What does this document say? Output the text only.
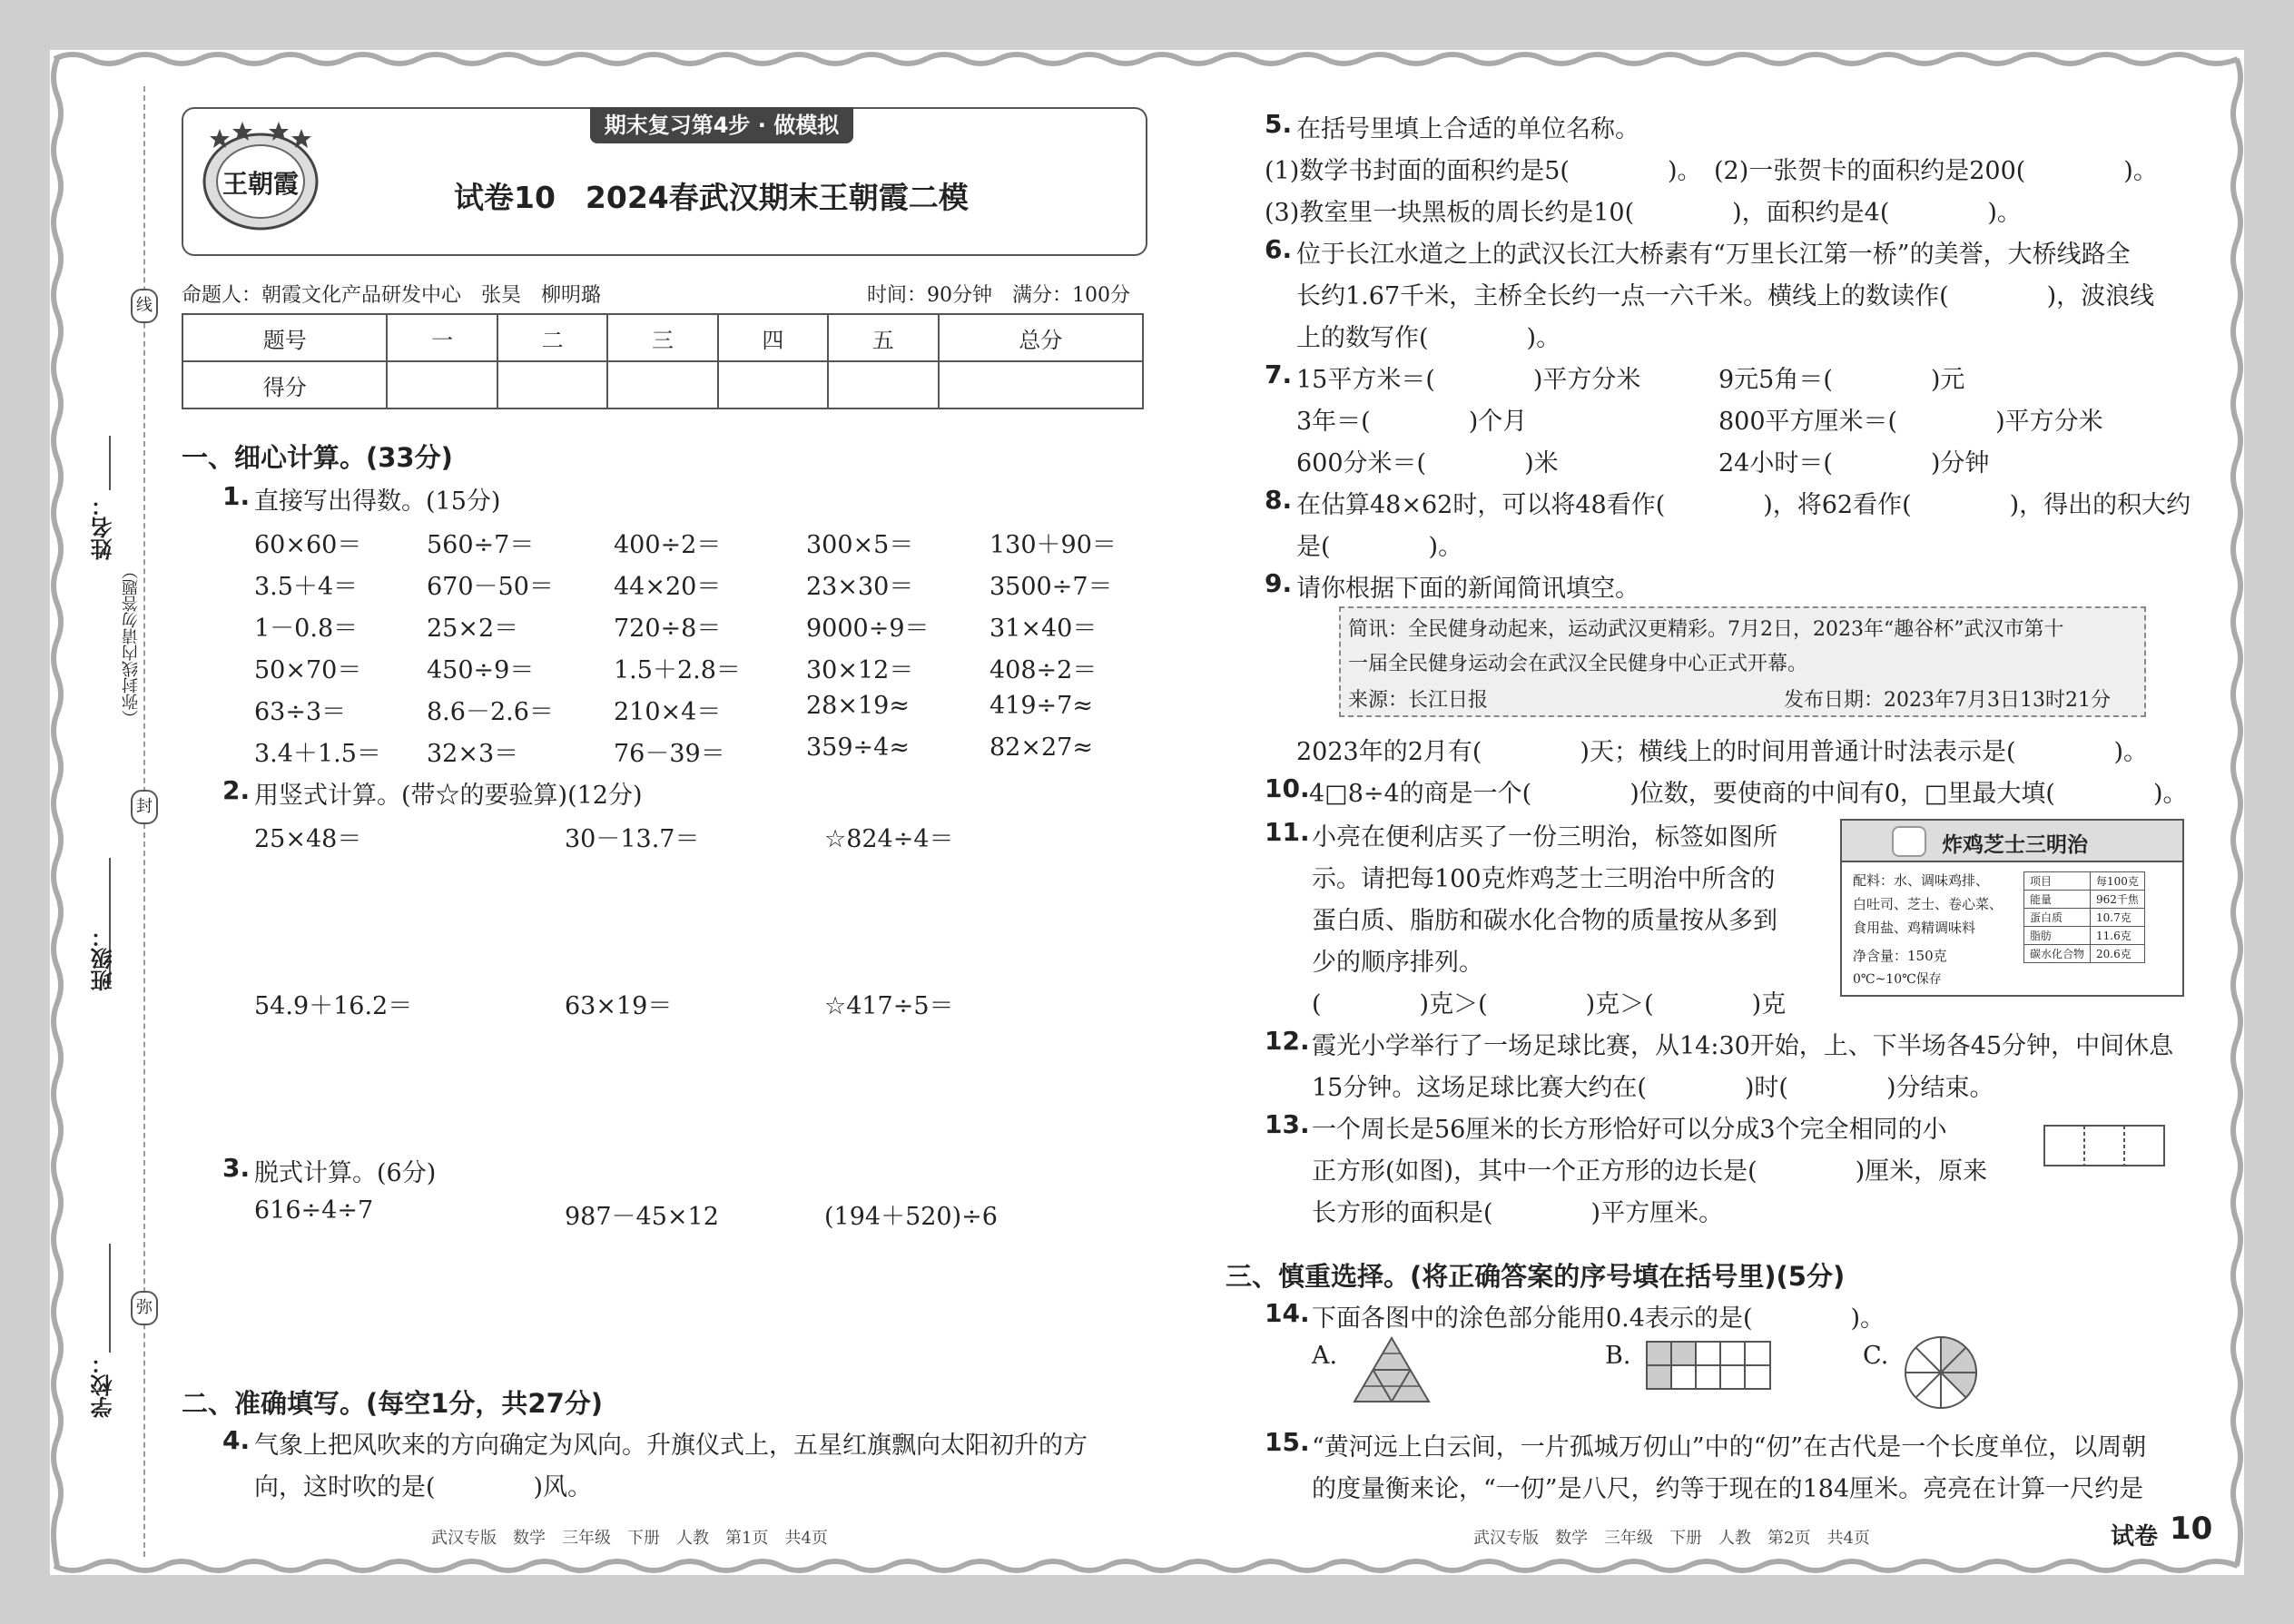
学校：
班级：
姓名：
（弥封线内请勿答题）
线
封
弥
期末复习第4步 · 做模拟
王朝霞	试卷10　2024春武汉期末王朝霞二模
命题人：朝霞文化产品研发中心　张昊　柳明璐	时间：90分钟　满分：100分
题号	一	二	三	四	五	总分
得分						
一、细心计算。(33分)
1. 直接写出得数。(15分)
60×60＝	560÷7＝	400÷2＝	300×5＝	130＋90＝
3.5＋4＝	670－50＝ 44×20＝	23×30＝	3500÷7＝
1－0.8＝	25×2＝	720÷8＝	9000÷9＝ 31×40＝
50×70＝	450÷9＝	1.5＋2.8＝	30×12＝	408÷2＝
63÷3＝	8.6－2.6＝ 210×4＝	28×19≈	419÷7≈
3.4＋1.5＝ 32×3＝	76－39＝	359÷4≈	82×27≈
2. 用竖式计算。(带☆的要验算)(12分)
25×48＝	30－13.7＝	☆824÷4＝
54.9＋16.2＝	63×19＝	☆417÷5＝
3. 脱式计算。(6分)
616÷4÷7	987－45×12	(194＋520)÷6
二、准确填写。(每空1分，共27分)
4. 气象上把风吹来的方向确定为风向。升旗仪式上，五星红旗飘向太阳初升的方
向，这时吹的是(　　　　)风。
武汉专版　数学　三年级　下册　人教　第1页　共4页
5. 在括号里填上合适的单位名称。
(1)数学书封面的面积约是5(　　　　)。　(2)一张贺卡的面积约是200(　　　　)。
(3)教室里一块黑板的周长约是10(　　　　)，面积约是4(　　　　)。
6. 位于长江水道之上的武汉长江大桥素有“万里长江第一桥”的美誉，大桥线路全
长约1.67千米，主桥全长约一点一六千米。横线上的数读作(　　　　)，波浪线
上的数写作(　　　　)。
7. 15平方米＝(　　　　)平方分米	9元5角＝(　　　　)元
3年＝(　　　　)个月	800平方厘米＝(　　　　)平方分米
600分米＝(　　　　)米	24小时＝(　　　　)分钟
8. 在估算48×62时，可以将48看作(　　　　)，将62看作(　　　　)，得出的积大约
是(　　　　)。
9. 请你根据下面的新闻简讯填空。
简讯：全民健身动起来，运动武汉更精彩。7月2日，2023年“趣谷杯”武汉市第十
一届全民健身运动会在武汉全民健身中心正式开幕。
来源：长江日报	发布日期：2023年7月3日13时21分
2023年的2月有(　　　　)天；横线上的时间用普通计时法表示是(　　　　)。
10. 4□8÷4的商是一个(　　　　)位数，要使商的中间有0，□里最大填(　　　　)。
11. 小亮在便利店买了一份三明治，标签如图所
示。请把每100克炸鸡芝士三明治中所含的
蛋白质、脂肪和碳水化合物的质量按从多到
少的顺序排列。
(　　　　)克＞(　　　　)克＞(　　　　)克
炸鸡芝士三明治
配料：水、调味鸡排、
白吐司、芝士、卷心菜、
食用盐、鸡精调味料
净含量：150克
0℃~10℃保存
项目	每100克
能量	962千焦
蛋白质	10.7克
脂肪	11.6克
碳水化合物	20.6克
12. 霞光小学举行了一场足球比赛，从14:30开始，上、下半场各45分钟，中间休息
15分钟。这场足球比赛大约在(　　　　)时(　　　　)分结束。
13. 一个周长是56厘米的长方形恰好可以分成3个完全相同的小
正方形(如图)，其中一个正方形的边长是(　　　　)厘米，原来
长方形的面积是(　　　　)平方厘米。
三、慎重选择。(将正确答案的序号填在括号里)(5分)
14. 下面各图中的涂色部分能用0.4表示的是(　　　　)。
A.	B.	C.
15. “黄河远上白云间，一片孤城万仞山”中的“仞”在古代是一个长度单位，以周朝
的度量衡来论，“一仞”是八尺，约等于现在的184厘米。亮亮在计算一尺约是
武汉专版　数学　三年级　下册　人教　第2页　共4页	试卷 10
